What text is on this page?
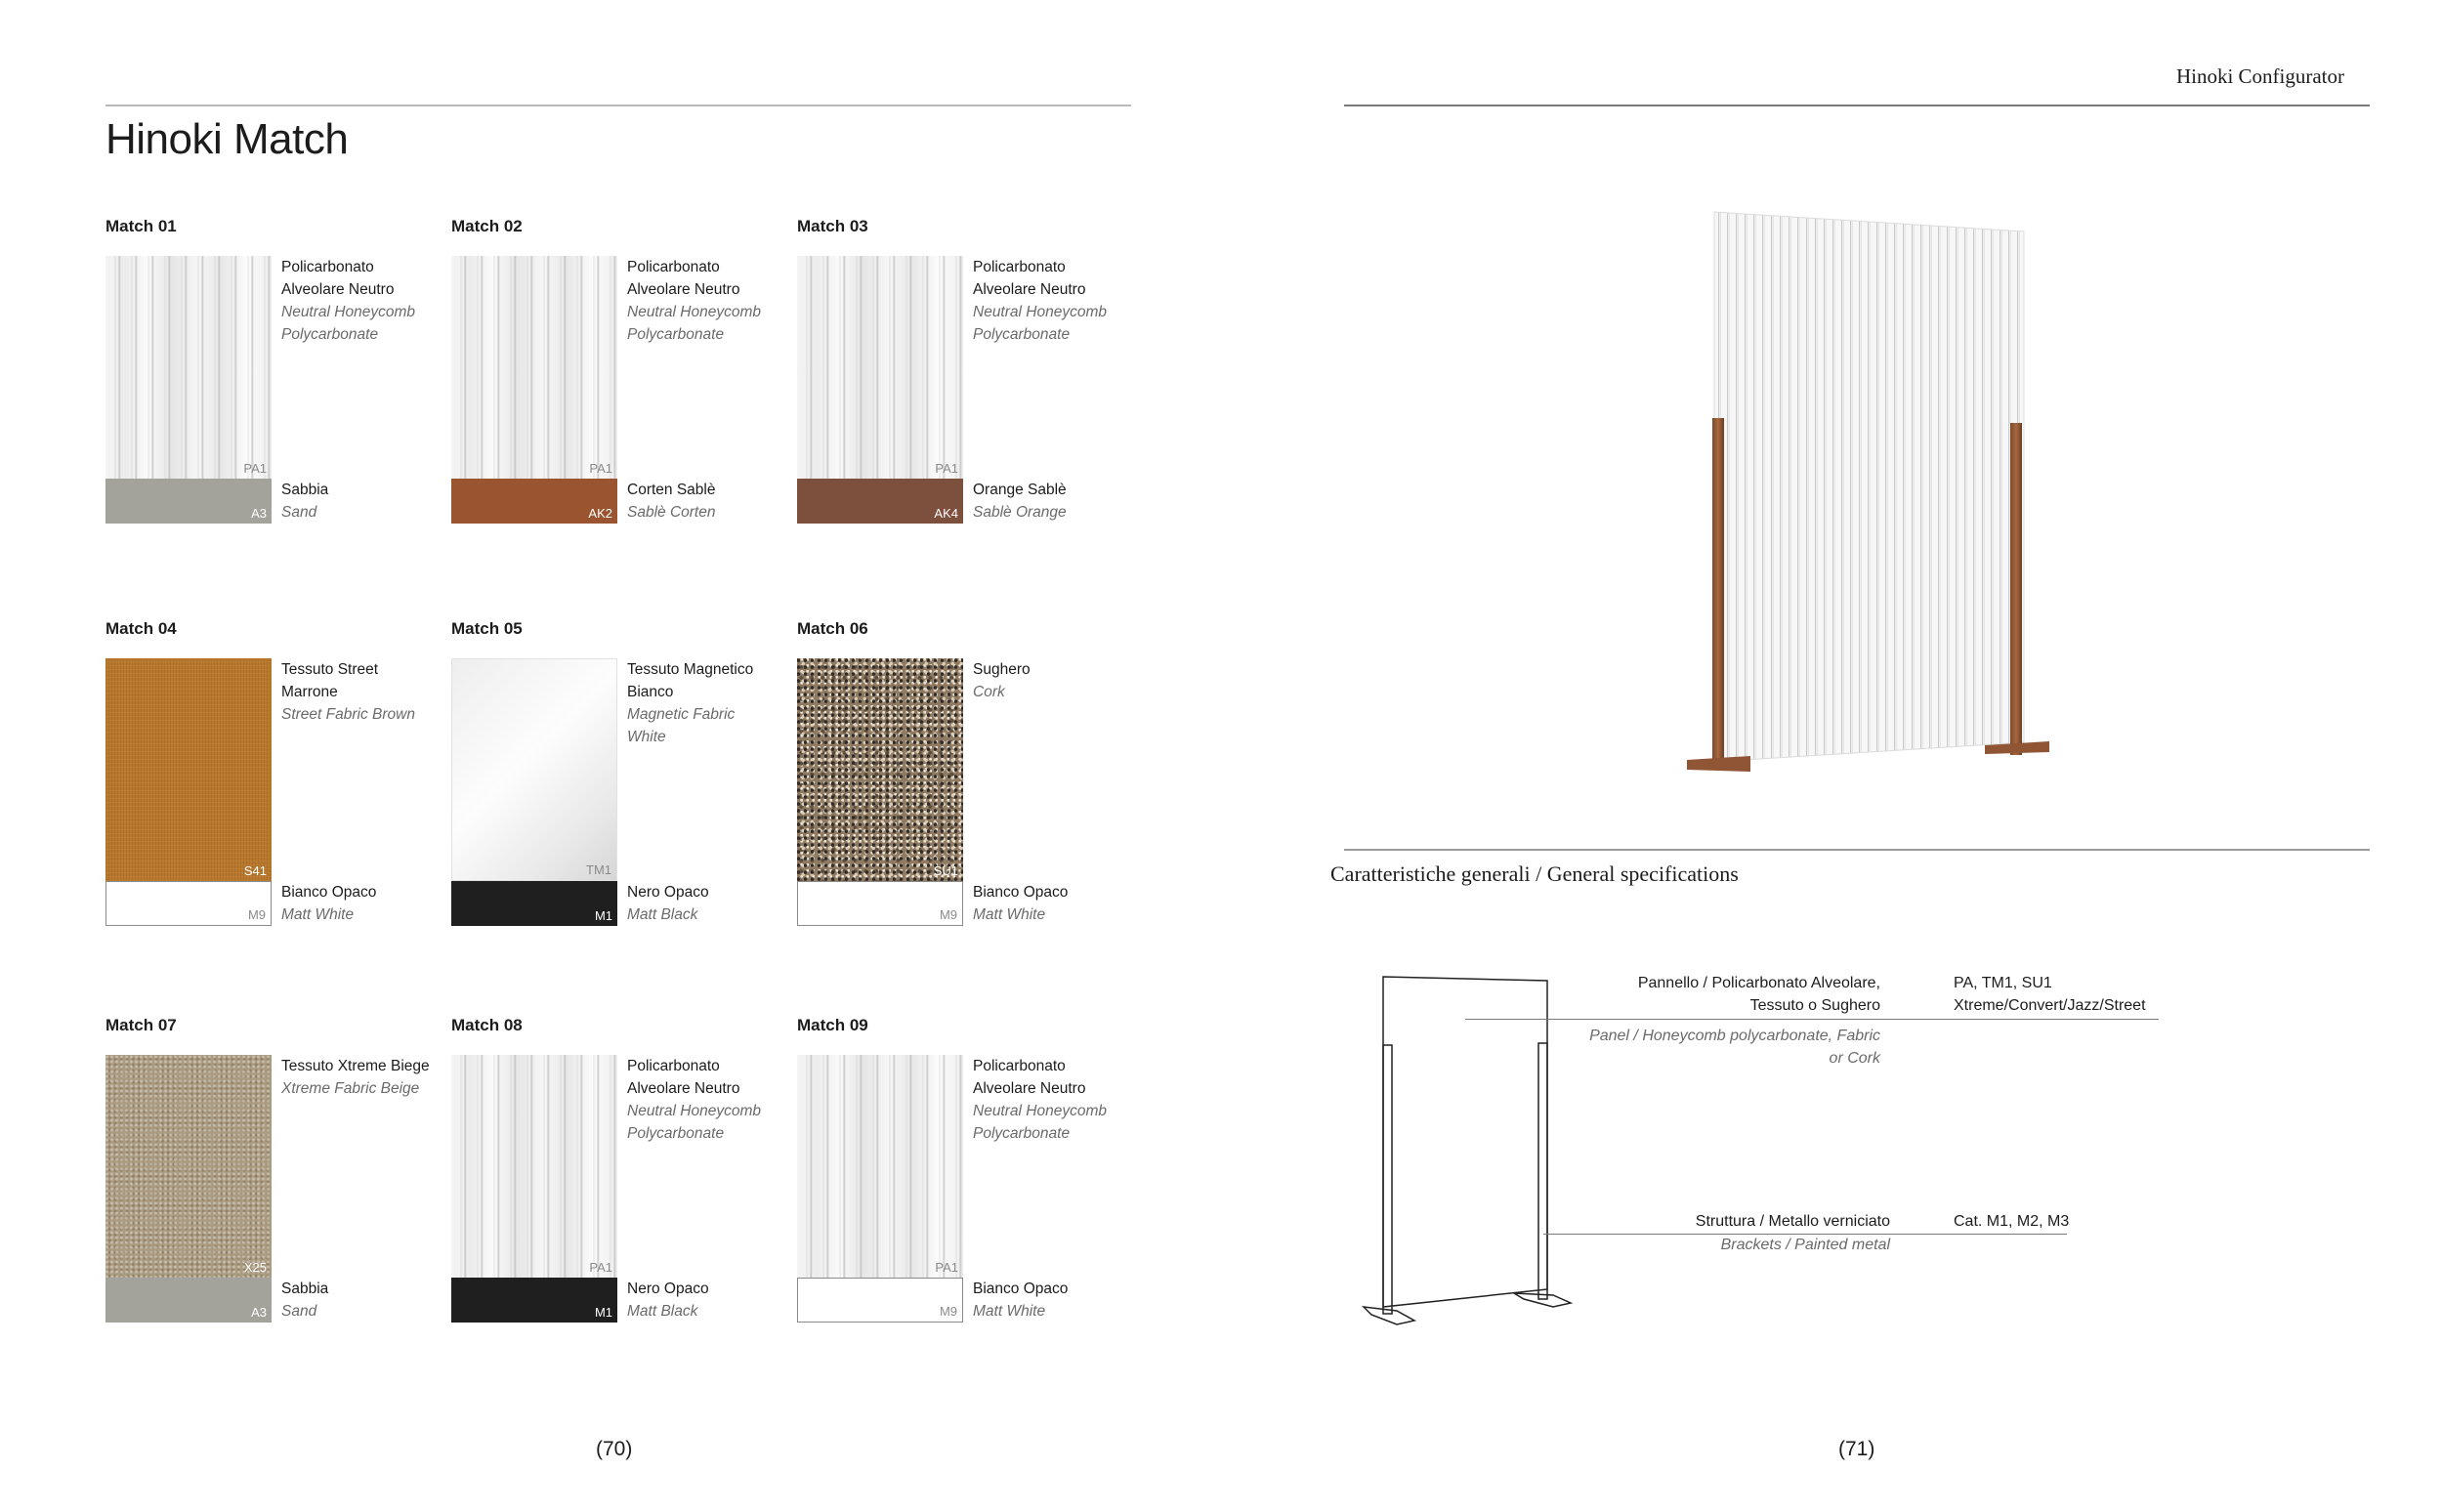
Hinoki Match
Match 01
PA1
Policarbonato Alveolare Neutro
Neutral Honeycomb Polycarbonate
A3
Sabbia
Sand
Match 02
PA1
Policarbonato Alveolare Neutro
Neutral Honeycomb Polycarbonate
AK2
Corten Sablè
Sablè Corten
Match 03
PA1
Policarbonato Alveolare Neutro
Neutral Honeycomb Polycarbonate
AK4
Orange Sablè
Sablè Orange
Match 04
S41
Tessuto Street Marrone
Street Fabric Brown
M9
Bianco Opaco
Matt White
Match 05
TM1
Tessuto Magnetico Bianco
Magnetic Fabric White
M1
Nero Opaco
Matt Black
Match 06
SU1
Sughero
Cork
M9
Bianco Opaco
Matt White
Match 07
X25
Tessuto Xtreme Biege
Xtreme Fabric Beige
A3
Sabbia
Sand
Match 08
PA1
Policarbonato Alveolare Neutro
Neutral Honeycomb Polycarbonate
M1
Nero Opaco
Matt Black
Match 09
PA1
Policarbonato Alveolare Neutro
Neutral Honeycomb Polycarbonate
M9
Bianco Opaco
Matt White
(70)
Hinoki Configurator
Caratteristiche generali / General specifications
Pannello / Policarbonato Alveolare, Tessuto o Sughero
Panel / Honeycomb polycarbonate, Fabric or Cork
PA, TM1, SU1
Xtreme/Convert/Jazz/Street
Struttura / Metallo verniciato
Brackets / Painted metal
Cat. M1, M2, M3
(71)
